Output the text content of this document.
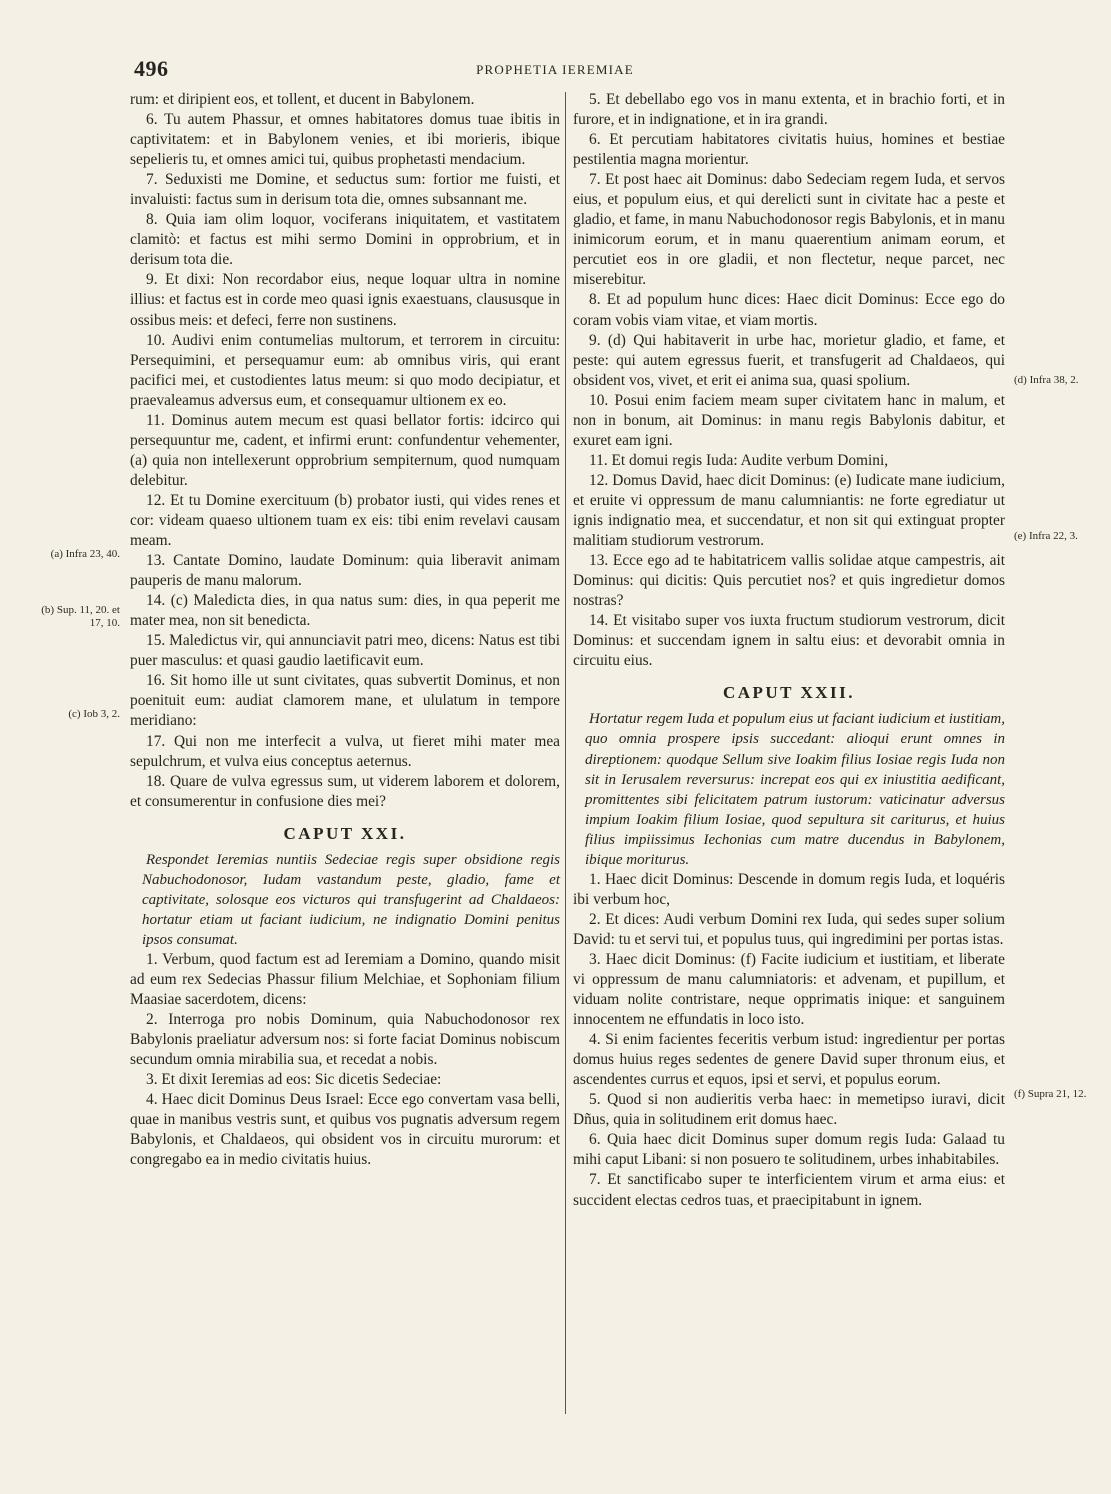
496	PROPHETIA IEREMIAE

rum: et diripient eos, et tollent, et ducent in Babylonem.

6. Tu autem Phassur, et omnes habitatores domus tuae ibitis in captivitatem: et in Babylonem venies, et ibi morieris, ibique sepelieris tu, et omnes amici tui, quibus prophetasti mendacium.

7. Seduxisti me Domine, et seductus sum: fortior me fuisti, et invaluisti: factus sum in derisum tota die, omnes subsannant me.

8. Quia iam olim loquor, vociferans iniquitatem, et vastitatem clamitò: et factus est mihi sermo Domini in opprobrium, et in derisum tota die.

9. Et dixi: Non recordabor eius, neque loquar ultra in nomine illius: et factus est in corde meo quasi ignis exaestuans, claususque in ossibus meis: et defeci, ferre non sustinens.

10. Audivi enim contumelias multorum, et terrorem in circuitu: Persequimini, et persequamur eum: ab omnibus viris, qui erant pacifici mei, et custodientes latus meum: si quo modo decipiatur, et praevaleamus adversus eum, et consequamur ultionem ex eo.

11. Dominus autem mecum est quasi bellator fortis: idcirco qui persequuntur me, cadent, et infirmi erunt: confundentur vehementer, (a) quia non intellexerunt opprobrium sempiternum, quod numquam delebitur.

12. Et tu Domine exercituum (b) probator iusti, qui vides renes et cor: videam quaeso ultionem tuam ex eis: tibi enim revelavi causam meam.

13. Cantate Domino, laudate Dominum: quia liberavit animam pauperis de manu malorum.

14. (c) Maledicta dies, in qua natus sum: dies, in qua peperit me mater mea, non sit benedicta.

15. Maledictus vir, qui annunciavit patri meo, dicens: Natus est tibi puer masculus: et quasi gaudio laetificavit eum.

16. Sit homo ille ut sunt civitates, quas subvertit Dominus, et non poenituit eum: audiat clamorem mane, et ululatum in tempore meridiano:

17. Qui non me interfecit a vulva, ut fieret mihi mater mea sepulchrum, et vulva eius conceptus aeternus.

18. Quare de vulva egressus sum, ut viderem laborem et dolorem, et consumerentur in confusione dies mei?

CAPUT XXI.

Respondet Ieremias nuntiis Sedeciae regis super obsidione regis Nabuchodonosor, Iudam vastandum peste, gladio, fame et captivitate, solosque eos victuros qui transfugerint ad Chaldaeos: hortatur etiam ut faciant iudicium, ne indignatio Domini penitus ipsos consumat.

1. Verbum, quod factum est ad Ieremiam a Domino, quando misit ad eum rex Sedecias Phassur filium Melchiae, et Sophoniam filium Maasiae sacerdotem, dicens:

2. Interroga pro nobis Dominum, quia Nabuchodonosor rex Babylonis praeliatur adversum nos: si forte faciat Dominus nobiscum secundum omnia mirabilia sua, et recedat a nobis.

3. Et dixit Ieremias ad eos: Sic dicetis Sedeciae:

4. Haec dicit Dominus Deus Israel: Ecce ego convertam vasa belli, quae in manibus vestris sunt, et quibus vos pugnatis adversum regem Babylonis, et Chaldaeos, qui obsident vos in circuitu murorum: et congregabo ea in medio civitatis huius.

5. Et debellabo ego vos in manu extenta, et in brachio forti, et in furore, et in indignatione, et in ira grandi.

6. Et percutiam habitatores civitatis huius, homines et bestiae pestilentia magna morientur.

7. Et post haec ait Dominus: dabo Sedeciam regem Iuda, et servos eius, et populum eius, et qui derelicti sunt in civitate hac a peste et gladio, et fame, in manu Nabuchodonosor regis Babylonis, et in manu inimicorum eorum, et in manu quaerentium animam eorum, et percutiet eos in ore gladii, et non flectetur, neque parcet, nec miserebitur.

8. Et ad populum hunc dices: Haec dicit Dominus: Ecce ego do coram vobis viam vitae, et viam mortis.

9. (d) Qui habitaverit in urbe hac, morietur gladio, et fame, et peste: qui autem egressus fuerit, et transfugerit ad Chaldaeos, qui obsident vos, vivet, et erit ei anima sua, quasi spolium.

10. Posui enim faciem meam super civitatem hanc in malum, et non in bonum, ait Dominus: in manu regis Babylonis dabitur, et exuret eam igni.

11. Et domui regis Iuda: Audite verbum Domini,

12. Domus David, haec dicit Dominus: (e) Iudicate mane iudicium, et eruite vi oppressum de manu calumniantis: ne forte egrediatur ut ignis indignatio mea, et succendatur, et non sit qui extinguat propter malitiam studiorum vestrorum.

13. Ecce ego ad te habitatricem vallis solidae atque campestris, ait Dominus: qui dicitis: Quis percutiet nos? et quis ingredietur domos nostras?

14. Et visitabo super vos iuxta fructum studiorum vestrorum, dicit Dominus: et succendam ignem in saltu eius: et devorabit omnia in circuitu eius.

CAPUT XXII.

Hortatur regem Iuda et populum eius ut faciant iudicium et iustitiam, quo omnia prospere ipsis succedant: alioqui erunt omnes in direptionem: quodque Sellum sive Ioakim filius Iosiae regis Iuda non sit in Ierusalem reversurus: increpat eos qui ex iniustitia aedificant, promittentes sibi felicitatem patrum iustorum: vaticinatur adversus impium Ioakim filium Iosiae, quod sepultura sit cariturus, et huius filius impiissimus Iechonias cum matre ducendus in Babylonem, ibique moriturus.

1. Haec dicit Dominus: Descende in domum regis Iuda, et loquéris ibi verbum hoc,

2. Et dices: Audi verbum Domini rex Iuda, qui sedes super solium David: tu et servi tui, et populus tuus, qui ingredimini per portas istas.

3. Haec dicit Dominus: (f) Facite iudicium et iustitiam, et liberate vi oppressum de manu calumniatoris: et advenam, et pupillum, et viduam nolite contristare, neque opprimatis inique: et sanguinem innocentem ne effundatis in loco isto.

4. Si enim facientes feceritis verbum istud: ingredientur per portas domus huius reges sedentes de genere David super thronum eius, et ascendentes currus et equos, ipsi et servi, et populus eorum.

5. Quod si non audieritis verba haec: in memetipso iuravi, dicit Dñus, quia in solitudinem erit domus haec.

6. Quia haec dicit Dominus super domum regis Iuda: Galaad tu mihi caput Libani: si non posuero te solitudinem, urbes inhabitabiles.

7. Et sanctificabo super te interficientem virum et arma eius: et succident electas cedros tuas, et praecipitabunt in ignem.

(a) Infra 23, 40.
(b) Sup. 11, 20. et 17, 10.
(c) Iob 3, 2.
(d) Infra 38, 2.
(e) Infra 22, 3.
(f) Supra 21, 12.
